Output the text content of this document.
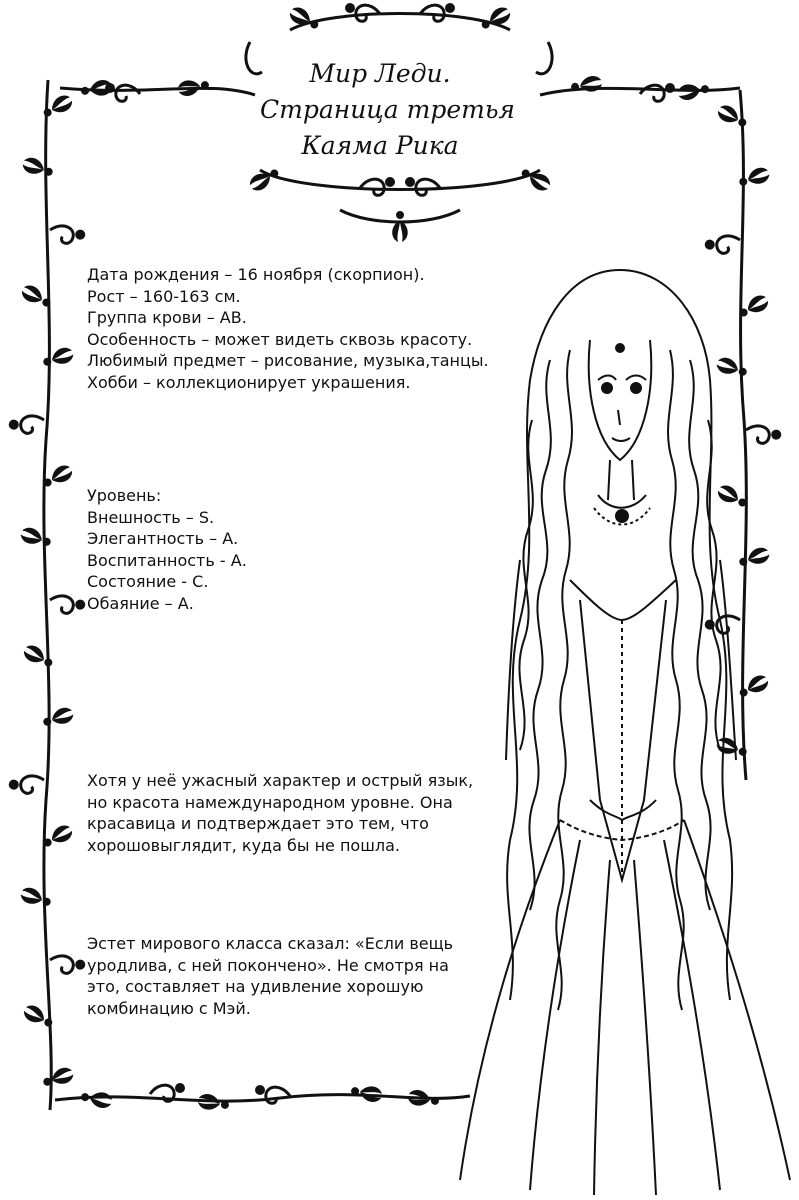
Мир Леди.
Страница третья
Каяма Рика
Дата рождения – 16 ноября (скорпион).
Рост – 160-163 см.
Группа крови – АВ.
Особенность – может видеть сквозь красоту.
Любимый предмет – рисование, музыка,танцы.
Хобби – коллекционирует украшения.
Уровень:
Внешность – S.
Элегантность – А.
Воспитанность - А.
Состояние - С.
Обаяние – А.
Хотя у неё ужасный характер и острый язык,
но красота намеждународном уровне. Она
красавица и подтверждает это тем, что
хорошовыглядит, куда бы не пошла.
Эстет мирового класса сказал: «Если вещь
уродлива, с ней покончено». Не смотря на
это, составляет на удивление хорошую
комбинацию с Мэй.
